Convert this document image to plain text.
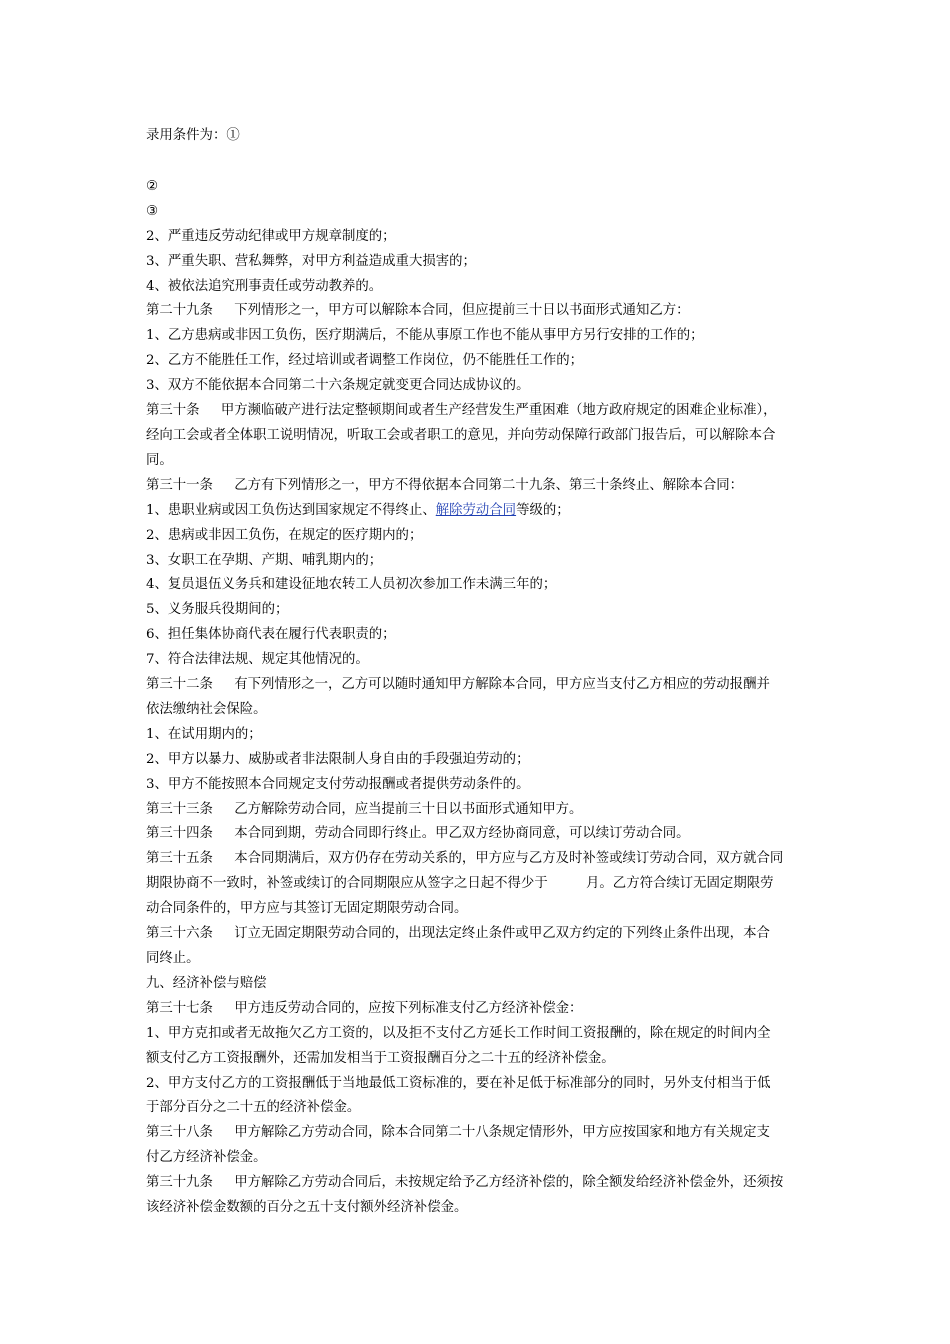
录用条件为：①
②
③
2、严重违反劳动纪律或甲方规章制度的；
3、严重失职、营私舞弊，对甲方利益造成重大损害的；
4、被依法追究刑事责任或劳动教养的。
第二十九条     下列情形之一，甲方可以解除本合同，但应提前三十日以书面形式通知乙方：
1、乙方患病或非因工负伤，医疗期满后，不能从事原工作也不能从事甲方另行安排的工作的；
2、乙方不能胜任工作，经过培训或者调整工作岗位，仍不能胜任工作的；
3、双方不能依据本合同第二十六条规定就变更合同达成协议的。
第三十条     甲方濒临破产进行法定整顿期间或者生产经营发生严重困难（地方政府规定的困难企业标准），
经向工会或者全体职工说明情况，听取工会或者职工的意见，并向劳动保障行政部门报告后，可以解除本合
同。
第三十一条     乙方有下列情形之一，甲方不得依据本合同第二十九条、第三十条终止、解除本合同：
1、患职业病或因工负伤达到国家规定不得终止、解除劳动合同等级的；
2、患病或非因工负伤，在规定的医疗期内的；
3、女职工在孕期、产期、哺乳期内的；
4、复员退伍义务兵和建设征地农转工人员初次参加工作未满三年的；
5、义务服兵役期间的；
6、担任集体协商代表在履行代表职责的；
7、符合法律法规、规定其他情况的。
第三十二条     有下列情形之一，乙方可以随时通知甲方解除本合同，甲方应当支付乙方相应的劳动报酬并
依法缴纳社会保险。
1、在试用期内的；
2、甲方以暴力、威胁或者非法限制人身自由的手段强迫劳动的；
3、甲方不能按照本合同规定支付劳动报酬或者提供劳动条件的。
第三十三条     乙方解除劳动合同，应当提前三十日以书面形式通知甲方。
第三十四条     本合同到期，劳动合同即行终止。甲乙双方经协商同意，可以续订劳动合同。
第三十五条     本合同期满后，双方仍存在劳动关系的，甲方应与乙方及时补签或续订劳动合同，双方就合同
期限协商不一致时，补签或续订的合同期限应从签字之日起不得少于         月。乙方符合续订无固定期限劳
动合同条件的，甲方应与其签订无固定期限劳动合同。
第三十六条     订立无固定期限劳动合同的，出现法定终止条件或甲乙双方约定的下列终止条件出现，本合
同终止。
九、经济补偿与赔偿
第三十七条     甲方违反劳动合同的，应按下列标准支付乙方经济补偿金：
1、甲方克扣或者无故拖欠乙方工资的，以及拒不支付乙方延长工作时间工资报酬的，除在规定的时间内全
额支付乙方工资报酬外，还需加发相当于工资报酬百分之二十五的经济补偿金。
2、甲方支付乙方的工资报酬低于当地最低工资标准的，要在补足低于标准部分的同时，另外支付相当于低
于部分百分之二十五的经济补偿金。
第三十八条     甲方解除乙方劳动合同，除本合同第二十八条规定情形外，甲方应按国家和地方有关规定支
付乙方经济补偿金。
第三十九条     甲方解除乙方劳动合同后，未按规定给予乙方经济补偿的，除全额发给经济补偿金外，还须按
该经济补偿金数额的百分之五十支付额外经济补偿金。
